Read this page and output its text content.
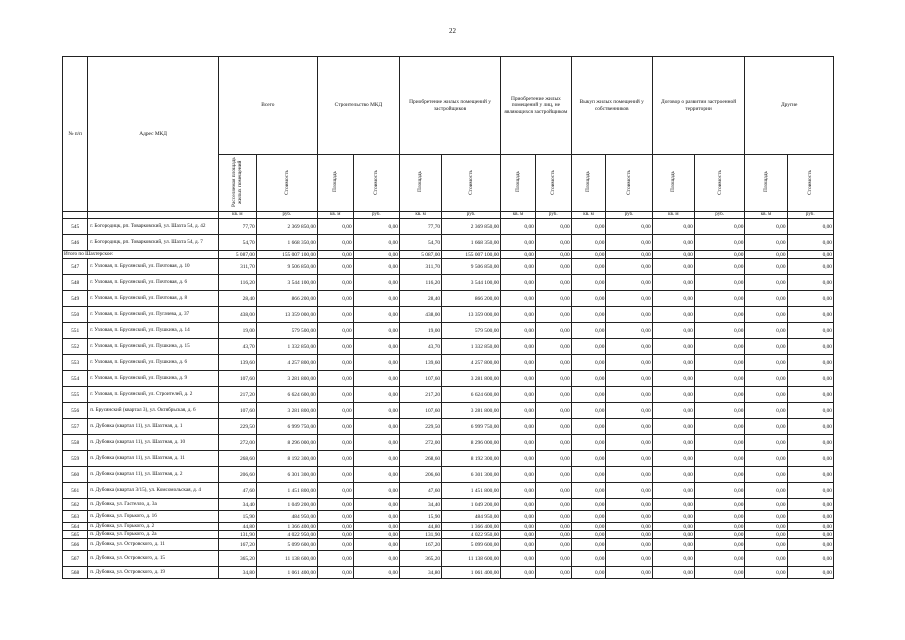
22
№ п/п	Адрес МКД	Всего		Строительство МКД		Приобретение жилых помещений у застройщиков		Приобретение жилых помещений у лиц, не являющихся застройщиком		Выкуп жилых помещений у собственников		Договор о развитии застроенной территории		Другие	
		Расселяемая площадь жилых помещений	Стоимость	Площадь	Стоимость	Площадь	Стоимость	Площадь	Стоимость	Площадь	Стоимость	Площадь	Стоимость	Площадь	Стоимость
		кв. м	руб.	кв. м	руб.	кв. м	руб.	кв. м	руб.	кв. м	руб.	кв. м	руб.	кв. м	руб.
545	г. Богородицк, рп. Товарковский, ул. Шахта 54, д. 42	77,70	2 369 850,00	0,00	0,00	77,70	2 369 850,00	0,00	0,00	0,00	0,00	0,00	0,00	0,00	0,00
546	г. Богородицк, рп. Товарковский, ул. Шахта 54, д. 7	54,70	1 668 350,00	0,00	0,00	54,70	1 668 350,00	0,00	0,00	0,00	0,00	0,00	0,00	0,00	0,00
Итого по Шахтерское:		5 087,00	155 007 100,00	0,00	0,00	5 087,00	155 007 100,00	0,00	0,00	0,00	0,00	0,00	0,00	0,00	0,00
547	г. Узловая, п. Брусянский, ул. Почтовая, д. 10	311,70	9 506 850,00	0,00	0,00	311,70	9 506 850,00	0,00	0,00	0,00	0,00	0,00	0,00	0,00	0,00
548	г. Узловая, п. Брусянский, ул. Почтовая, д. 6	116,20	3 544 100,00	0,00	0,00	116,20	3 544 100,00	0,00	0,00	0,00	0,00	0,00	0,00	0,00	0,00
549	г. Узловая, п. Брусянский, ул. Почтовая, д. 8	28,40	866 200,00	0,00	0,00	28,40	866 200,00	0,00	0,00	0,00	0,00	0,00	0,00	0,00	0,00
550	г. Узловая, п. Брусянский, ул. Пугачева, д. 37	438,00	13 359 000,00	0,00	0,00	438,00	13 359 000,00	0,00	0,00	0,00	0,00	0,00	0,00	0,00	0,00
551	г. Узловая, п. Брусянский, ул. Пушкина, д. 14	19,00	579 500,00	0,00	0,00	19,00	579 500,00	0,00	0,00	0,00	0,00	0,00	0,00	0,00	0,00
552	г. Узловая, п. Брусянский, ул. Пушкина, д. 15	43,70	1 332 850,00	0,00	0,00	43,70	1 332 850,00	0,00	0,00	0,00	0,00	0,00	0,00	0,00	0,00
553	г. Узловая, п. Брусянский, ул. Пушкина, д. 6	139,60	4 257 800,00	0,00	0,00	139,60	4 257 800,00	0,00	0,00	0,00	0,00	0,00	0,00	0,00	0,00
554	г. Узловая, п. Брусянский, ул. Пушкина, д. 9	107,60	3 281 800,00	0,00	0,00	107,60	3 281 800,00	0,00	0,00	0,00	0,00	0,00	0,00	0,00	0,00
555	г. Узловая, п. Брусянский, ул. Строителей, д. 2	217,20	6 624 600,00	0,00	0,00	217,20	6 624 600,00	0,00	0,00	0,00	0,00	0,00	0,00	0,00	0,00
556	п. Брусянский (квартал 3), ул. Октябрьская, д. 6	107,60	3 281 800,00	0,00	0,00	107,60	3 281 800,00	0,00	0,00	0,00	0,00	0,00	0,00	0,00	0,00
557	п. Дубовка (квартал 11), ул. Шахтная, д. 1	229,50	6 999 750,00	0,00	0,00	229,50	6 999 750,00	0,00	0,00	0,00	0,00	0,00	0,00	0,00	0,00
558	п. Дубовка (квартал 11), ул. Шахтная, д. 10	272,00	8 296 000,00	0,00	0,00	272,00	8 296 000,00	0,00	0,00	0,00	0,00	0,00	0,00	0,00	0,00
559	п. Дубовка (квартал 11), ул. Шахтная, д. 11	268,60	8 192 300,00	0,00	0,00	268,60	8 192 300,00	0,00	0,00	0,00	0,00	0,00	0,00	0,00	0,00
560	п. Дубовка (квартал 11), ул. Шахтная, д. 2	206,60	6 301 300,00	0,00	0,00	206,60	6 301 300,00	0,00	0,00	0,00	0,00	0,00	0,00	0,00	0,00
561	п. Дубовка (квартал 3/15), ул. Комсомольская, д. 4	47,60	1 451 800,00	0,00	0,00	47,60	1 451 800,00	0,00	0,00	0,00	0,00	0,00	0,00	0,00	0,00
562	п. Дубовка, ул. Гастелло, д. 3а	34,40	1 049 200,00	0,00	0,00	34,40	1 049 200,00	0,00	0,00	0,00	0,00	0,00	0,00	0,00	0,00
563	п. Дубовка, ул. Горького, д. 16	15,90	484 950,00	0,00	0,00	15,90	484 950,00	0,00	0,00	0,00	0,00	0,00	0,00	0,00	0,00
564	п. Дубовка, ул. Горького, д. 2	44,80	1 366 400,00	0,00	0,00	44,80	1 366 400,00	0,00	0,00	0,00	0,00	0,00	0,00	0,00	0,00
565	п. Дубовка, ул. Горького, д. 2а	131,90	4 022 950,00	0,00	0,00	131,90	4 022 950,00	0,00	0,00	0,00	0,00	0,00	0,00	0,00	0,00
566	п. Дубовка, ул. Островского, д. 11	167,20	5 099 600,00	0,00	0,00	167,20	5 099 600,00	0,00	0,00	0,00	0,00	0,00	0,00	0,00	0,00
567	п. Дубовка, ул. Островского, д. 15	365,20	11 138 600,00	0,00	0,00	365,20	11 138 600,00	0,00	0,00	0,00	0,00	0,00	0,00	0,00	0,00
568	п. Дубовка, ул. Островского, д. 19	34,80	1 061 400,00	0,00	0,00	34,80	1 061 400,00	0,00	0,00	0,00	0,00	0,00	0,00	0,00	0,00
